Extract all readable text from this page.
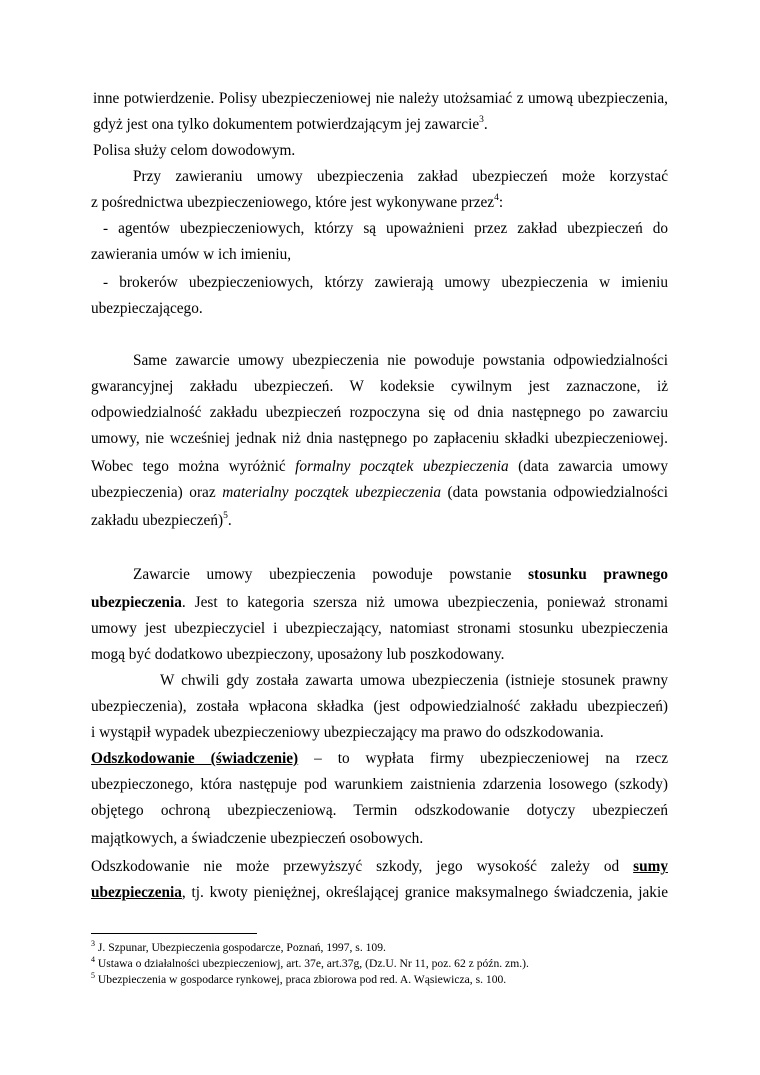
inne potwierdzenie. Polisy ubezpieczeniowej nie należy utożsamiać z umową ubezpieczenia,
gdyż jest ona tylko dokumentem potwierdzającym jej zawarcie$^3$.
Polisa służy celom dowodowym.
Przy zawieraniu umowy ubezpieczenia zakład ubezpieczeń może korzystać
z pośrednictwa ubezpieczeniowego, które jest wykonywane przez$^4$:
- agentów ubezpieczeniowych, którzy są upoważnieni przez zakład ubezpieczeń do
zawierania umów w ich imieniu,
- brokerów ubezpieczeniowych, którzy zawierają umowy ubezpieczenia w imieniu
ubezpieczającego.
Same zawarcie umowy ubezpieczenia nie powoduje powstania odpowiedzialności
gwarancyjnej zakładu ubezpieczeń. W kodeksie cywilnym jest zaznaczone, iż
odpowiedzialność zakładu ubezpieczeń rozpoczyna się od dnia następnego po zawarciu
umowy, nie wcześniej jednak niż dnia następnego po zapłaceniu składki ubezpieczeniowej.
Wobec tego można wyróżnić formalny początek ubezpieczenia (data zawarcia umowy
ubezpieczenia) oraz materialny początek ubezpieczenia (data powstania odpowiedzialności
zakładu ubezpieczeń)$^5$.
Zawarcie umowy ubezpieczenia powoduje powstanie stosunku prawnego
ubezpieczenia. Jest to kategoria szersza niż umowa ubezpieczenia, ponieważ stronami
umowy jest ubezpieczyciel i ubezpieczający, natomiast stronami stosunku ubezpieczenia
mogą być dodatkowo ubezpieczony, uposażony lub poszkodowany.
W chwili gdy została zawarta umowa ubezpieczenia (istnieje stosunek prawny
ubezpieczenia), została wpłacona składka (jest odpowiedzialność zakładu ubezpieczeń)
i wystąpił wypadek ubezpieczeniowy ubezpieczający ma prawo do odszkodowania.
Odszkodowanie (świadczenie) – to wypłata firmy ubezpieczeniowej na rzecz
ubezpieczonego, która następuje pod warunkiem zaistnienia zdarzenia losowego (szkody)
objętego ochroną ubezpieczeniową. Termin odszkodowanie dotyczy ubezpieczeń
majątkowych, a świadczenie ubezpieczeń osobowych.
Odszkodowanie nie może przewyższyć szkody, jego wysokość zależy od sumy
ubezpieczenia, tj. kwoty pieniężnej, określającej granice maksymalnego świadczenia, jakie
$^3$ J. Szpunar, Ubezpieczenia gospodarcze, Poznań, 1997, s. 109.
$^4$ Ustawa o działalności ubezpieczeniowj, art. 37e, art.37g, (Dz.U. Nr 11, poz. 62 z późn. zm.).
$^5$ Ubezpieczenia w gospodarce rynkowej, praca zbiorowa pod red. A. Wąsiewicza, s. 100.
